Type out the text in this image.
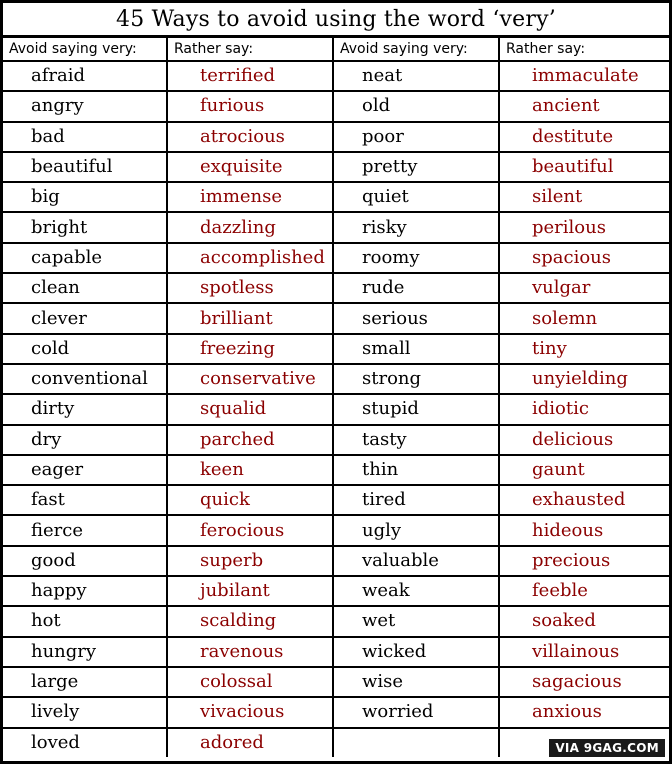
45 Ways to avoid using the word ‘very’
Avoid saying very:	Rather say:	Avoid saying very:	Rather say:
afraid	terrified	neat	immaculate
angry	furious	old	ancient
bad	atrocious	poor	destitute
beautiful	exquisite	pretty	beautiful
big	immense	quiet	silent
bright	dazzling	risky	perilous
capable	accomplished	roomy	spacious
clean	spotless	rude	vulgar
clever	brilliant	serious	solemn
cold	freezing	small	tiny
conventional	conservative	strong	unyielding
dirty	squalid	stupid	idiotic
dry	parched	tasty	delicious
eager	keen	thin	gaunt
fast	quick	tired	exhausted
fierce	ferocious	ugly	hideous
good	superb	valuable	precious
happy	jubilant	weak	feeble
hot	scalding	wet	soaked
hungry	ravenous	wicked	villainous
large	colossal	wise	sagacious
lively	vivacious	worried	anxious
loved	adored			VIA 9GAG.COM
